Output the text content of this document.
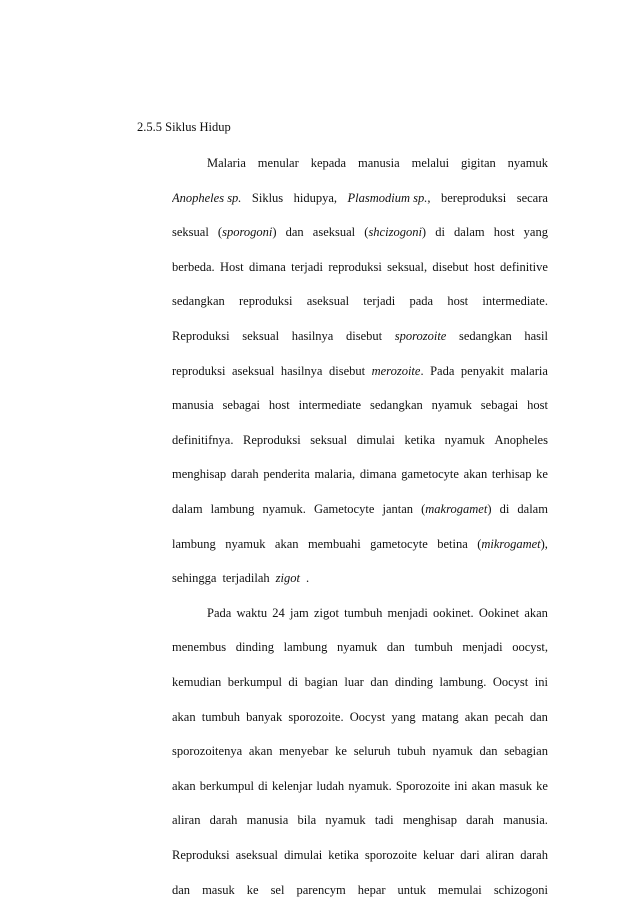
2.5.5 Siklus Hidup
Malaria menular kepada manusia melalui gigitan nyamuk
Anopheles sp. Siklus hidupya, Plasmodium sp., bereproduksi secara
seksual (sporogoni) dan aseksual (shcizogoni) di dalam host yang
berbeda. Host dimana terjadi reproduksi seksual, disebut host definitive
sedangkan reproduksi aseksual terjadi pada host intermediate.
Reproduksi seksual hasilnya disebut sporozoite sedangkan hasil
reproduksi aseksual hasilnya disebut merozoite. Pada penyakit malaria
manusia sebagai host intermediate sedangkan nyamuk sebagai host
definitifnya. Reproduksi seksual dimulai ketika nyamuk Anopheles
menghisap darah penderita malaria, dimana gametocyte akan terhisap ke
dalam lambung nyamuk. Gametocyte jantan (makrogamet) di dalam
lambung nyamuk akan membuahi gametocyte betina (mikrogamet),
sehingga terjadilah zigot .
Pada waktu 24 jam zigot tumbuh menjadi ookinet. Ookinet akan
menembus dinding lambung nyamuk dan tumbuh menjadi oocyst,
kemudian berkumpul di bagian luar dan dinding lambung. Oocyst ini
akan tumbuh banyak sporozoite. Oocyst yang matang akan pecah dan
sporozoitenya akan menyebar ke seluruh tubuh nyamuk dan sebagian
akan berkumpul di kelenjar ludah nyamuk. Sporozoite ini akan masuk ke
aliran darah manusia bila nyamuk tadi menghisap darah manusia.
Reproduksi aseksual dimulai ketika sporozoite keluar dari aliran darah
dan masuk ke sel parencym hepar untuk memulai schizogoni
